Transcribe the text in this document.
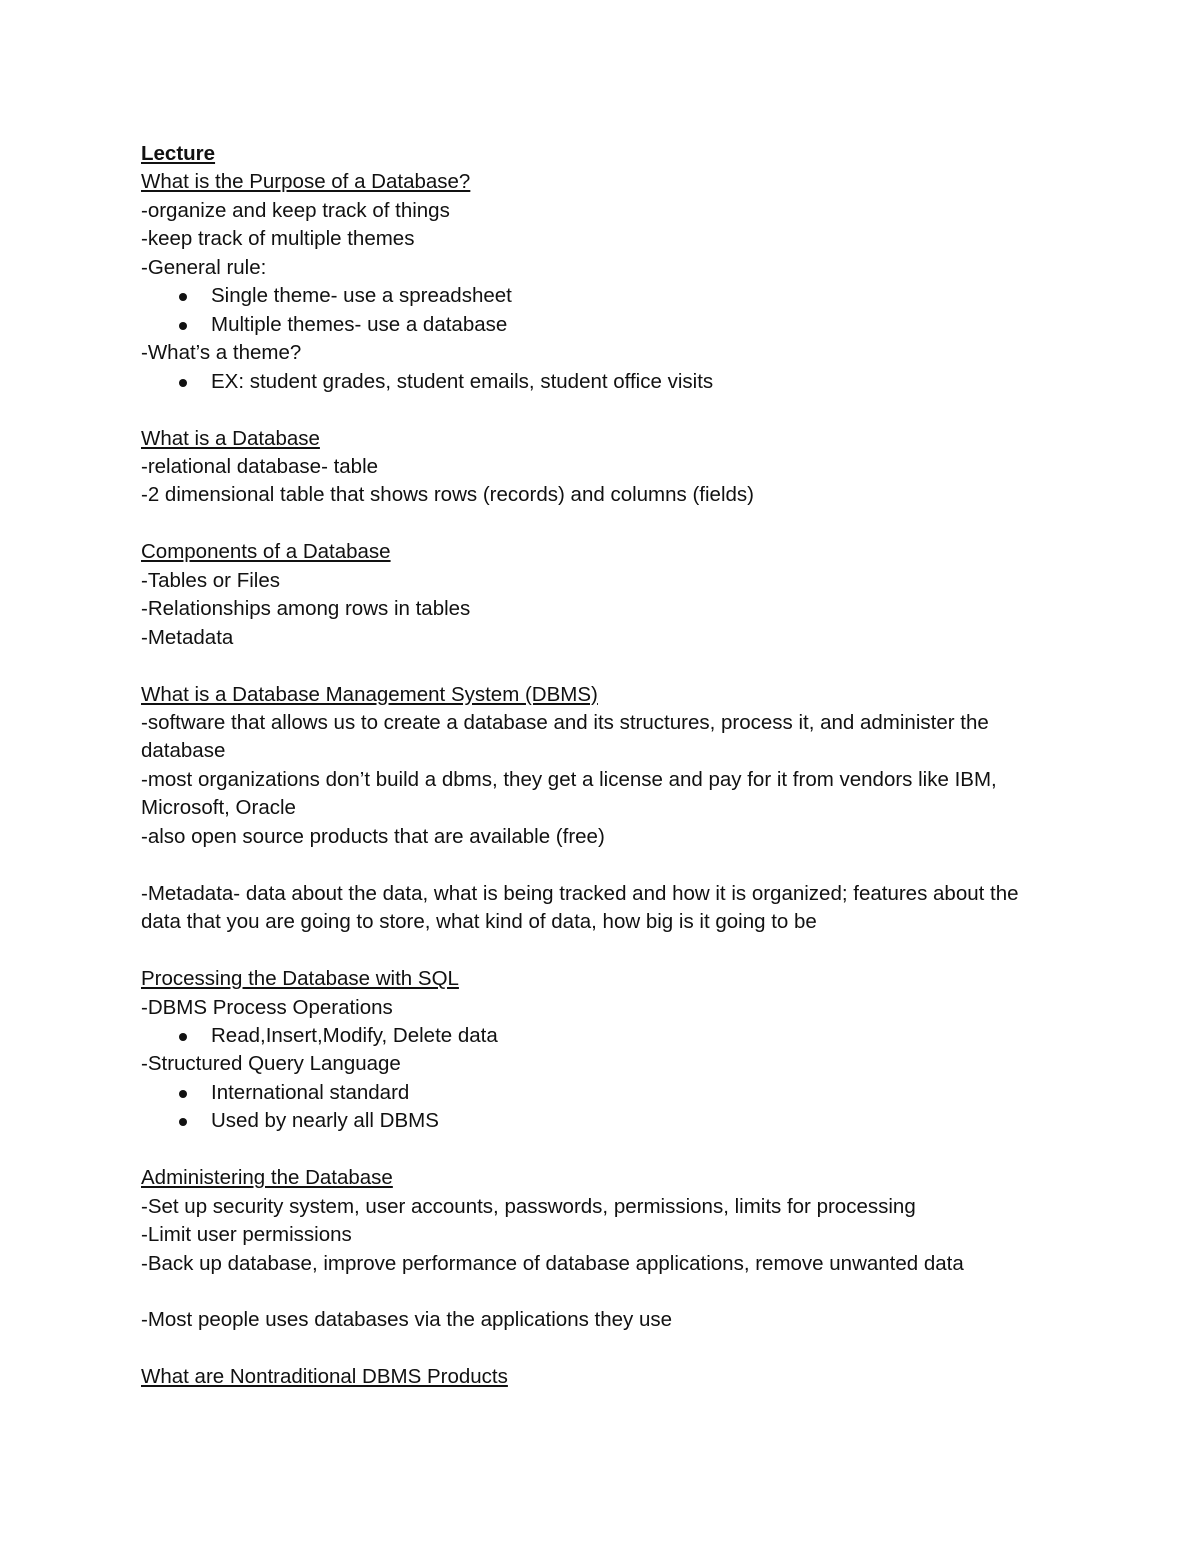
Lecture
What is the Purpose of a Database?
-organize and keep track of things
-keep track of multiple themes
-General rule:
Single theme- use a spreadsheet
Multiple themes- use a database
-What’s a theme?
EX: student grades, student emails, student office visits
What is a Database
-relational database- table
-2 dimensional table that shows rows (records) and columns (fields)
Components of a Database
-Tables or Files
-Relationships among rows in tables
-Metadata
What is a Database Management System (DBMS)
-software that allows us to create a database and its structures, process it, and administer the database
-most organizations don’t build a dbms, they get a license and pay for it from vendors like IBM, Microsoft, Oracle
-also open source products that are available (free)
-Metadata- data about the data, what is being tracked and how it is organized; features about the data that you are going to store, what kind of data, how big is it going to be
Processing the Database with SQL
-DBMS Process Operations
Read,Insert,Modify, Delete data
-Structured Query Language
International standard
Used by nearly all DBMS
Administering the Database
-Set up security system, user accounts, passwords, permissions, limits for processing
-Limit user permissions
-Back up database, improve performance of database applications, remove unwanted data
-Most people uses databases via the applications they use
What are Nontraditional DBMS Products
